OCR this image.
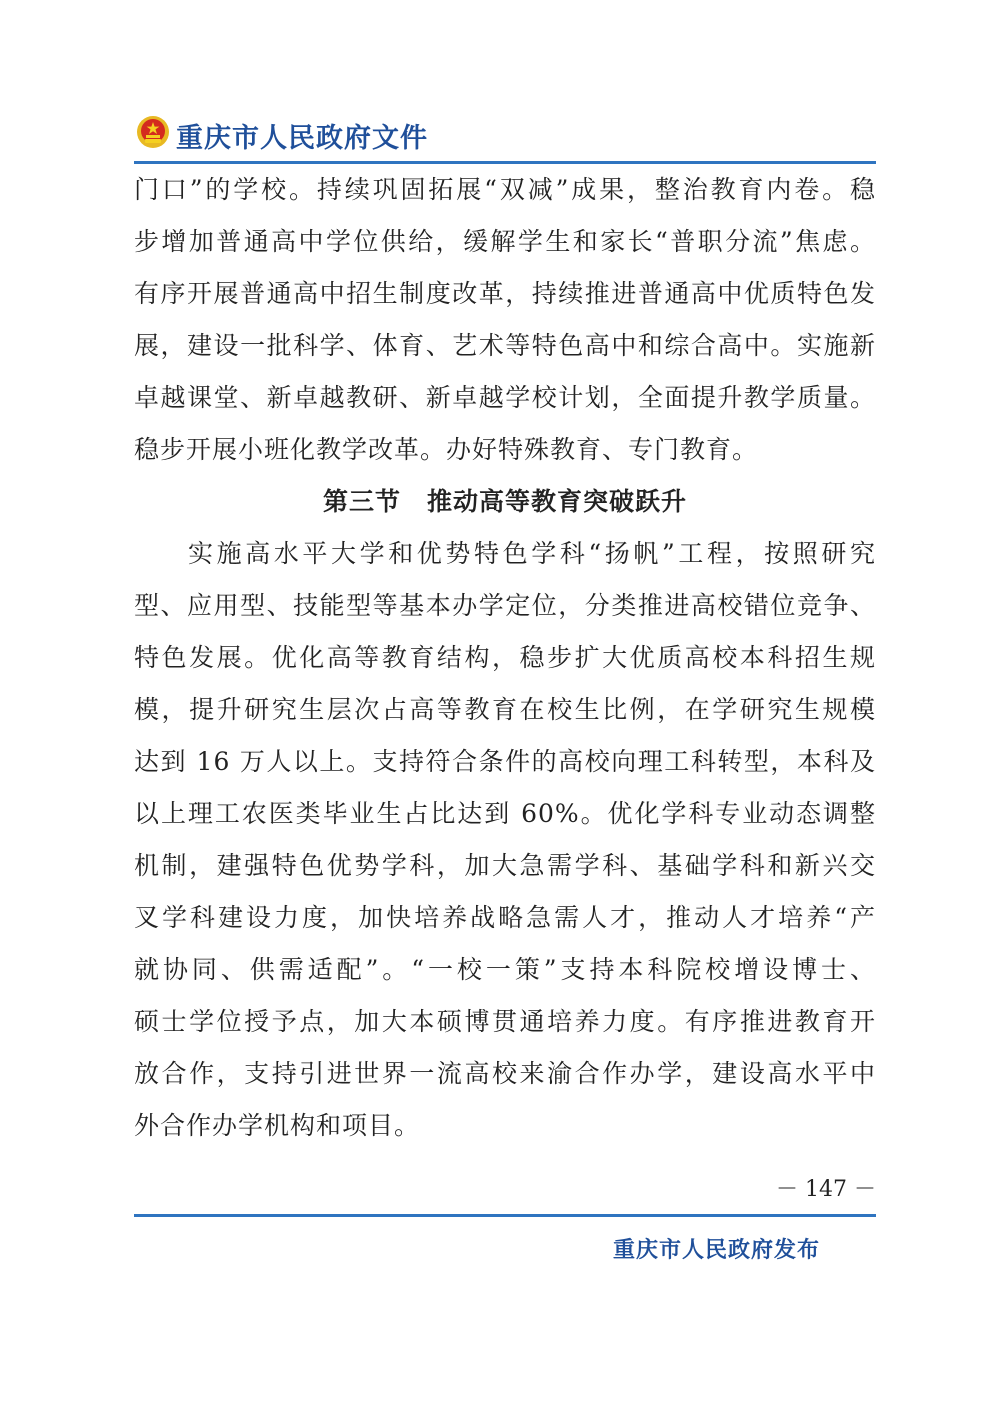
重庆市人民政府文件
门口”的学校。持续巩固拓展“双减”成果，整治教育内卷。稳
步增加普通高中学位供给，缓解学生和家长“普职分流”焦虑。
有序开展普通高中招生制度改革，持续推进普通高中优质特色发
展，建设一批科学、体育、艺术等特色高中和综合高中。实施新
卓越课堂、新卓越教研、新卓越学校计划，全面提升教学质量。
稳步开展小班化教学改革。办好特殊教育、专门教育。
第三节　推动高等教育突破跃升
实施高水平大学和优势特色学科“扬帆”工程，按照研究
型、应用型、技能型等基本办学定位，分类推进高校错位竞争、
特色发展。优化高等教育结构，稳步扩大优质高校本科招生规
模，提升研究生层次占高等教育在校生比例，在学研究生规模
达到 16 万人以上。支持符合条件的高校向理工科转型，本科及
以上理工农医类毕业生占比达到 60%。优化学科专业动态调整
机制，建强特色优势学科，加大急需学科、基础学科和新兴交
叉学科建设力度，加快培养战略急需人才，推动人才培养“产
就协同、供需适配”。“一校一策”支持本科院校增设博士、
硕士学位授予点，加大本硕博贯通培养力度。有序推进教育开
放合作，支持引进世界一流高校来渝合作办学，建设高水平中
外合作办学机构和项目。
－ 147 －
重庆市人民政府发布
